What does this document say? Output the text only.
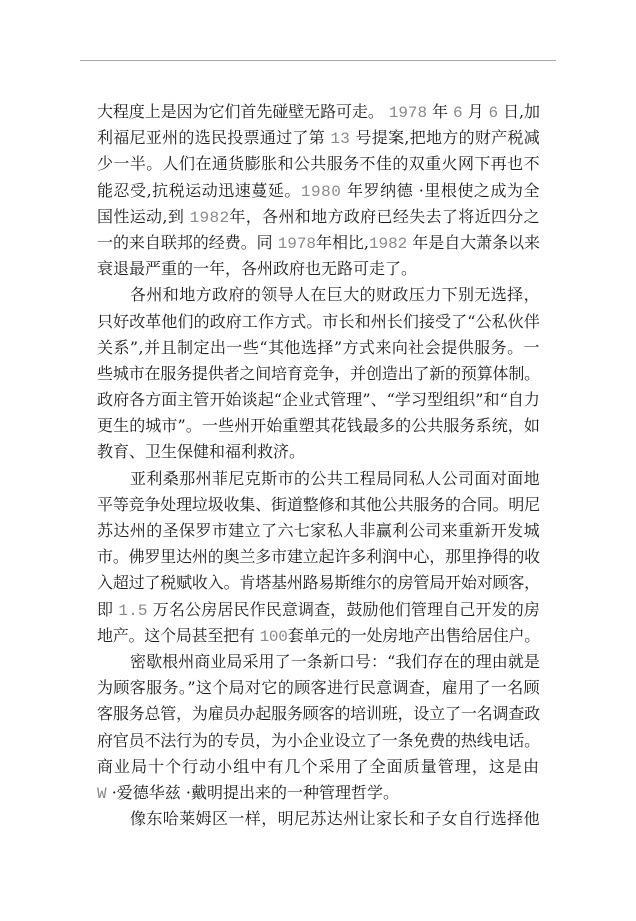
大程度上是因为它们首先碰壁无路可走。 1978 年 6 月 6 日,加
利福尼亚州的选民投票通过了第 13 号提案,把地方的财产税减
少一半。人们在通货膨胀和公共服务不佳的双重火网下再也不
能忍受,抗税运动迅速蔓延。1980 年罗纳德 ·里根使之成为全
国性运动,到 1982年，各州和地方政府已经失去了将近四分之
一的来自联邦的经费。同 1978年相比,1982 年是自大萧条以来
衰退最严重的一年，各州政府也无路可走了。
各州和地方政府的领导人在巨大的财政压力下别无选择，
只好改革他们的政府工作方式。市长和州长们接受了“公私伙伴
关系”,并且制定出一些“其他选择”方式来向社会提供服务。一
些城市在服务提供者之间培育竞争，并创造出了新的预算体制。
政府各方面主管开始谈起“企业式管理”、“学习型组织”和“自力
更生的城市”。一些州开始重塑其花钱最多的公共服务系统，如
教育、卫生保健和福利救济。
亚利桑那州菲尼克斯市的公共工程局同私人公司面对面地
平等竞争处理垃圾收集、街道整修和其他公共服务的合同。明尼
苏达州的圣保罗市建立了六七家私人非赢利公司来重新开发城
市。佛罗里达州的奥兰多市建立起许多利润中心，那里挣得的收
入超过了税赋收入。肯塔基州路易斯维尔的房管局开始对顾客，
即 1.5 万名公房居民作民意调查，鼓励他们管理自己开发的房
地产。这个局甚至把有 100套单元的一处房地产出售给居住户。
密歇根州商业局采用了一条新口号：“我们存在的理由就是
为顾客服务。”这个局对它的顾客进行民意调查，雇用了一名顾
客服务总管，为雇员办起服务顾客的培训班，设立了一名调查政
府官员不法行为的专员，为小企业设立了一条免费的热线电话。
商业局十个行动小组中有几个采用了全面质量管理，这是由
W ·爱德华兹 ·戴明提出来的一种管理哲学。
像东哈莱姆区一样，明尼苏达州让家长和子女自行选择他
